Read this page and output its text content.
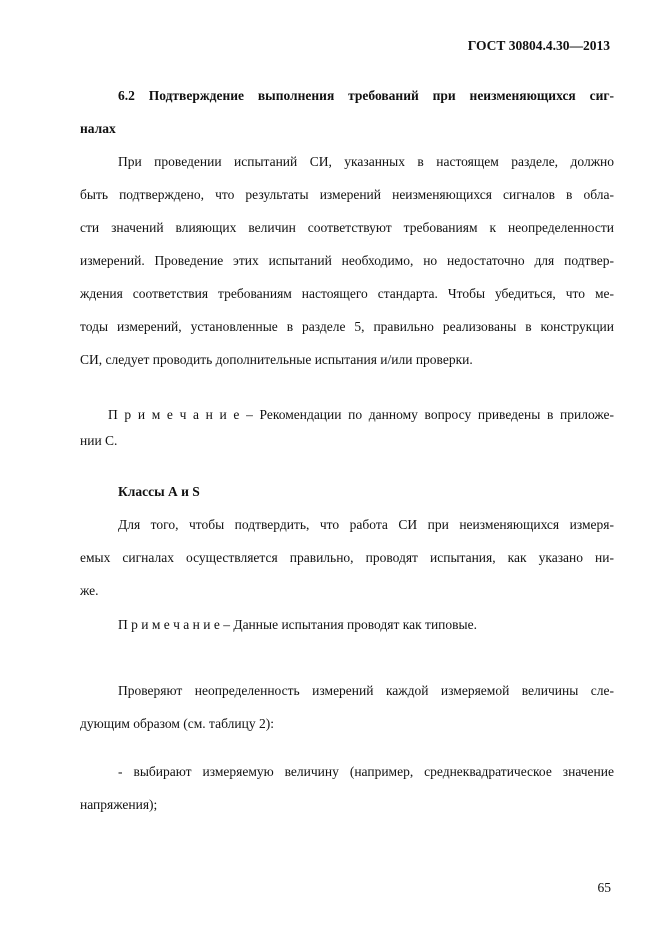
ГОСТ 30804.4.30—2013
6.2 Подтверждение выполнения требований при неизменяющихся сиг-
налах
При проведении испытаний СИ, указанных в настоящем разделе, должно
быть подтверждено, что результаты измерений неизменяющихся сигналов в обла-
сти значений влияющих величин соответствуют требованиям к неопределенности
измерений. Проведение этих испытаний необходимо, но недостаточно для подтвер-
ждения соответствия требованиям настоящего стандарта. Чтобы убедиться, что ме-
тоды измерений, установленные в разделе 5, правильно реализованы в конструкции
СИ, следует проводить дополнительные испытания и/или проверки.
П р и м е ч а н и е – Рекомендации по данному вопросу приведены в приложе-
нии С.
Классы А и S
Для того, чтобы подтвердить, что работа СИ при неизменяющихся измеря-
емых сигналах осуществляется правильно, проводят испытания, как указано ни-
же.
П р и м е ч а н и е – Данные испытания проводят как типовые.
Проверяют неопределенность измерений каждой измеряемой величины сле-
дующим образом (см. таблицу 2):
- выбирают измеряемую величину (например, среднеквадратическое значение
напряжения);
65
